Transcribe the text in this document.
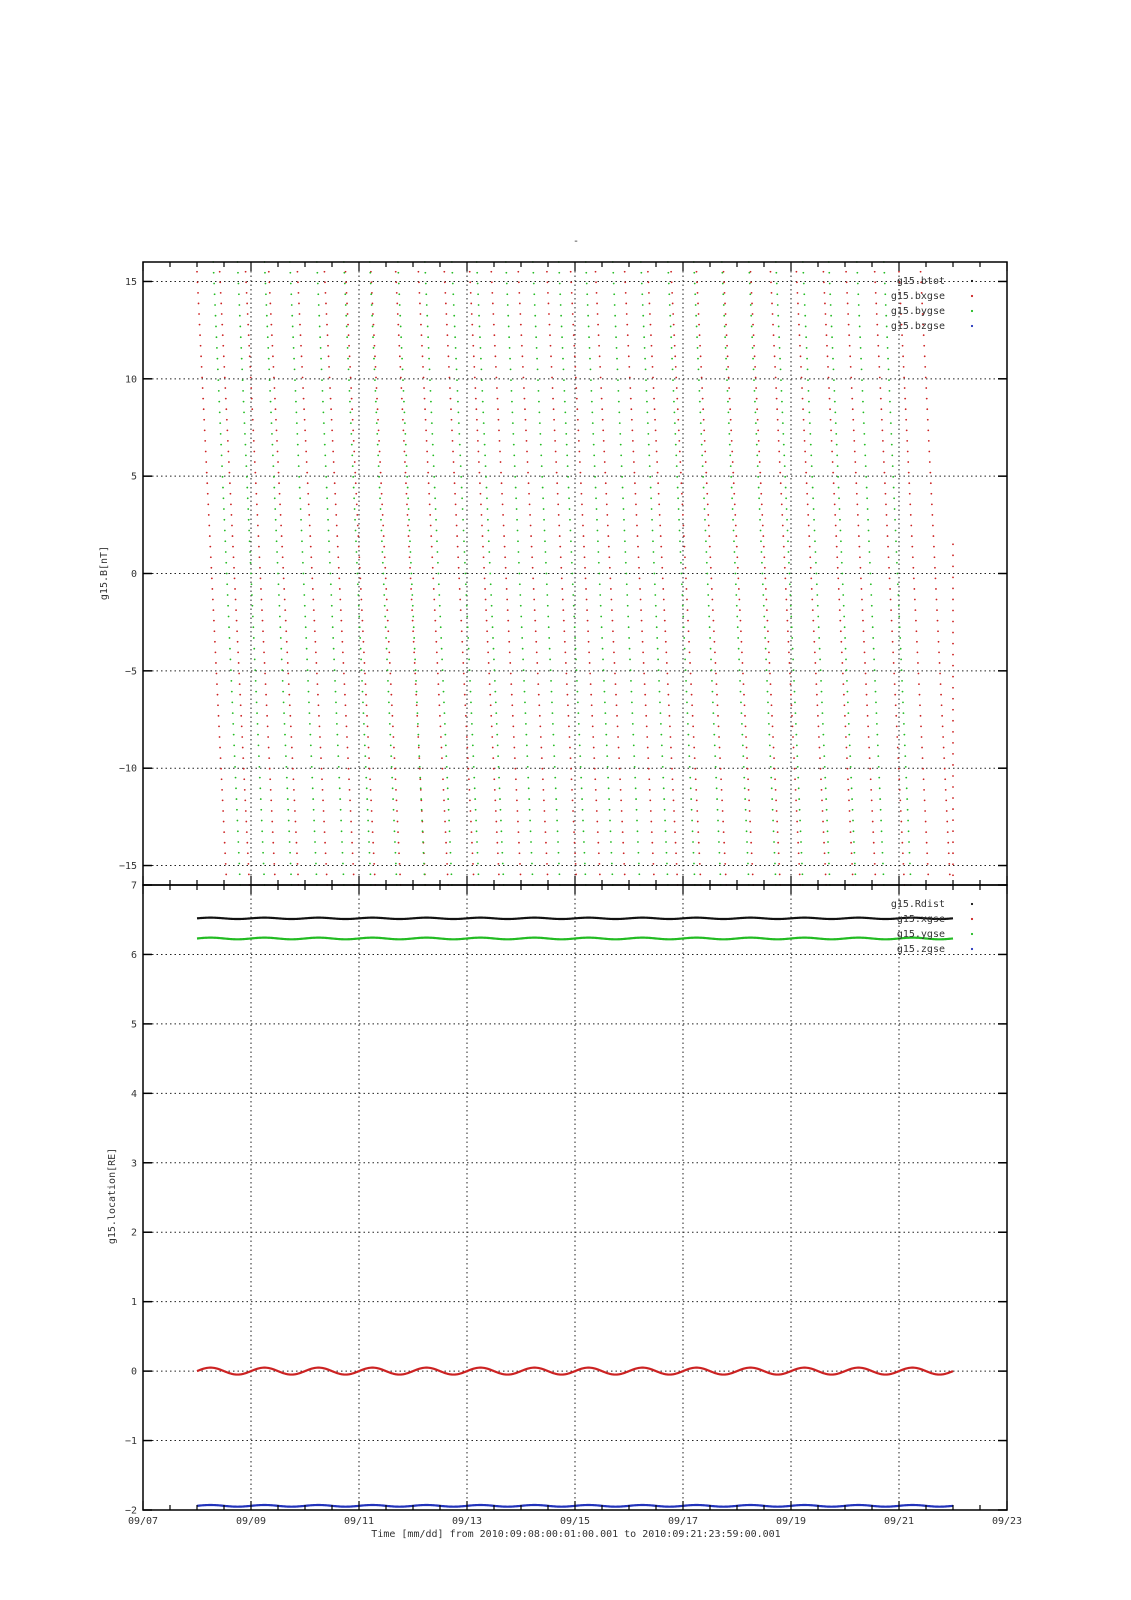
-
15
10
5
0
−5
−10
−15
g15.B[nT]
g15.btot
g15.bxgse
g15.bygse
g15.bzgse
7
6
5
4
3
2
1
0
−1
−2
g15.location[RE]
g15.Rdist
g15.xgse
g15.ygse
g15.zgse
09/07	09/09	09/11	09/13	09/15	09/17	09/19	09/21	09/23
Time [mm/dd] from 2010:09:08:00:01:00.001 to 2010:09:21:23:59:00.001
